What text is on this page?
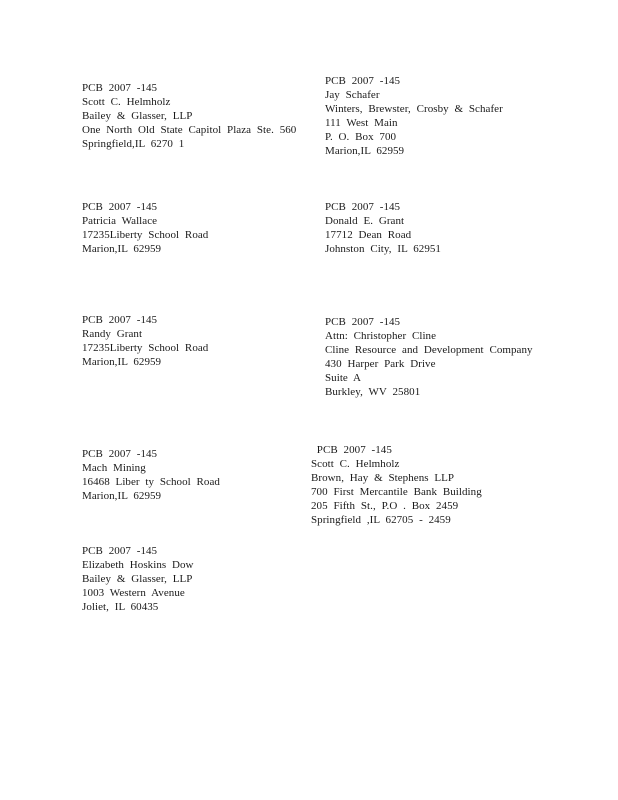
PCB 2007 -145
Scott C. Helmholz
Bailey & Glasser, LLP
One North Old State Capitol Plaza Ste. 560
Springfield,IL 6270 1
PCB 2007 -145
Jay Schafer
Winters, Brewster, Crosby & Schafer
111 West Main
P. O. Box 700
Marion,IL 62959
PCB 2007 -145
Patricia Wallace
17235Liberty School Road
Marion,IL 62959
PCB 2007 -145
Donald E. Grant
17712 Dean Road
Johnston City, IL 62951
PCB 2007 -145
Randy Grant
17235Liberty School Road
Marion,IL 62959
PCB 2007 -145
Attn: Christopher Cline
Cline Resource and Development Company
430 Harper Park Drive
Suite A
Burkley, WV 25801
PCB 2007 -145
Mach Mining
16468 Liber ty School Road
Marion,IL 62959
PCB 2007 -145
Scott C. Helmholz
Brown, Hay & Stephens LLP
700 First Mercantile Bank Building
205 Fifth St., P.O . Box 2459
Springfield ,IL 62705 - 2459
PCB 2007 -145
Elizabeth Hoskins Dow
Bailey & Glasser, LLP
1003 Western Avenue
Joliet, IL 60435
